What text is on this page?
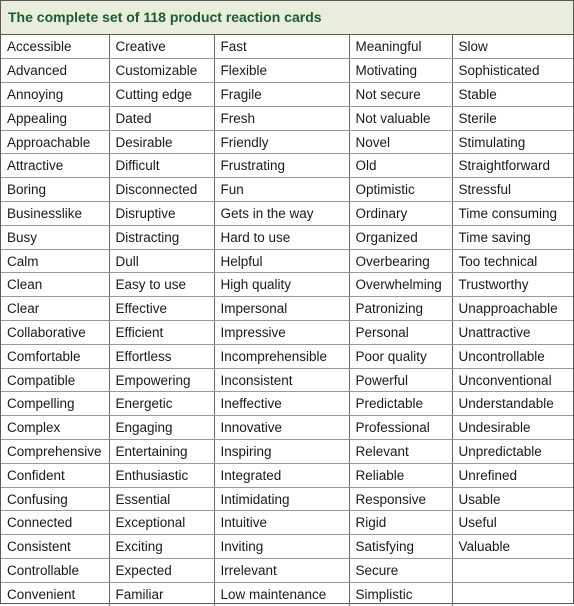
The complete set of 118 product reaction cards
Accessible	Creative	Fast	Meaningful	Slow
Advanced	Customizable	Flexible	Motivating	Sophisticated
Annoying	Cutting edge	Fragile	Not secure	Stable
Appealing	Dated	Fresh	Not valuable	Sterile
Approachable	Desirable	Friendly	Novel	Stimulating
Attractive	Difficult	Frustrating	Old	Straightforward
Boring	Disconnected	Fun	Optimistic	Stressful
Businesslike	Disruptive	Gets in the way	Ordinary	Time consuming
Busy	Distracting	Hard to use	Organized	Time saving
Calm	Dull	Helpful	Overbearing	Too technical
Clean	Easy to use	High quality	Overwhelming	Trustworthy
Clear	Effective	Impersonal	Patronizing	Unapproachable
Collaborative	Efficient	Impressive	Personal	Unattractive
Comfortable	Effortless	Incomprehensible	Poor quality	Uncontrollable
Compatible	Empowering	Inconsistent	Powerful	Unconventional
Compelling	Energetic	Ineffective	Predictable	Understandable
Complex	Engaging	Innovative	Professional	Undesirable
Comprehensive	Entertaining	Inspiring	Relevant	Unpredictable
Confident	Enthusiastic	Integrated	Reliable	Unrefined
Confusing	Essential	Intimidating	Responsive	Usable
Connected	Exceptional	Intuitive	Rigid	Useful
Consistent	Exciting	Inviting	Satisfying	Valuable
Controllable	Expected	Irrelevant	Secure	
Convenient	Familiar	Low maintenance	Simplistic	
